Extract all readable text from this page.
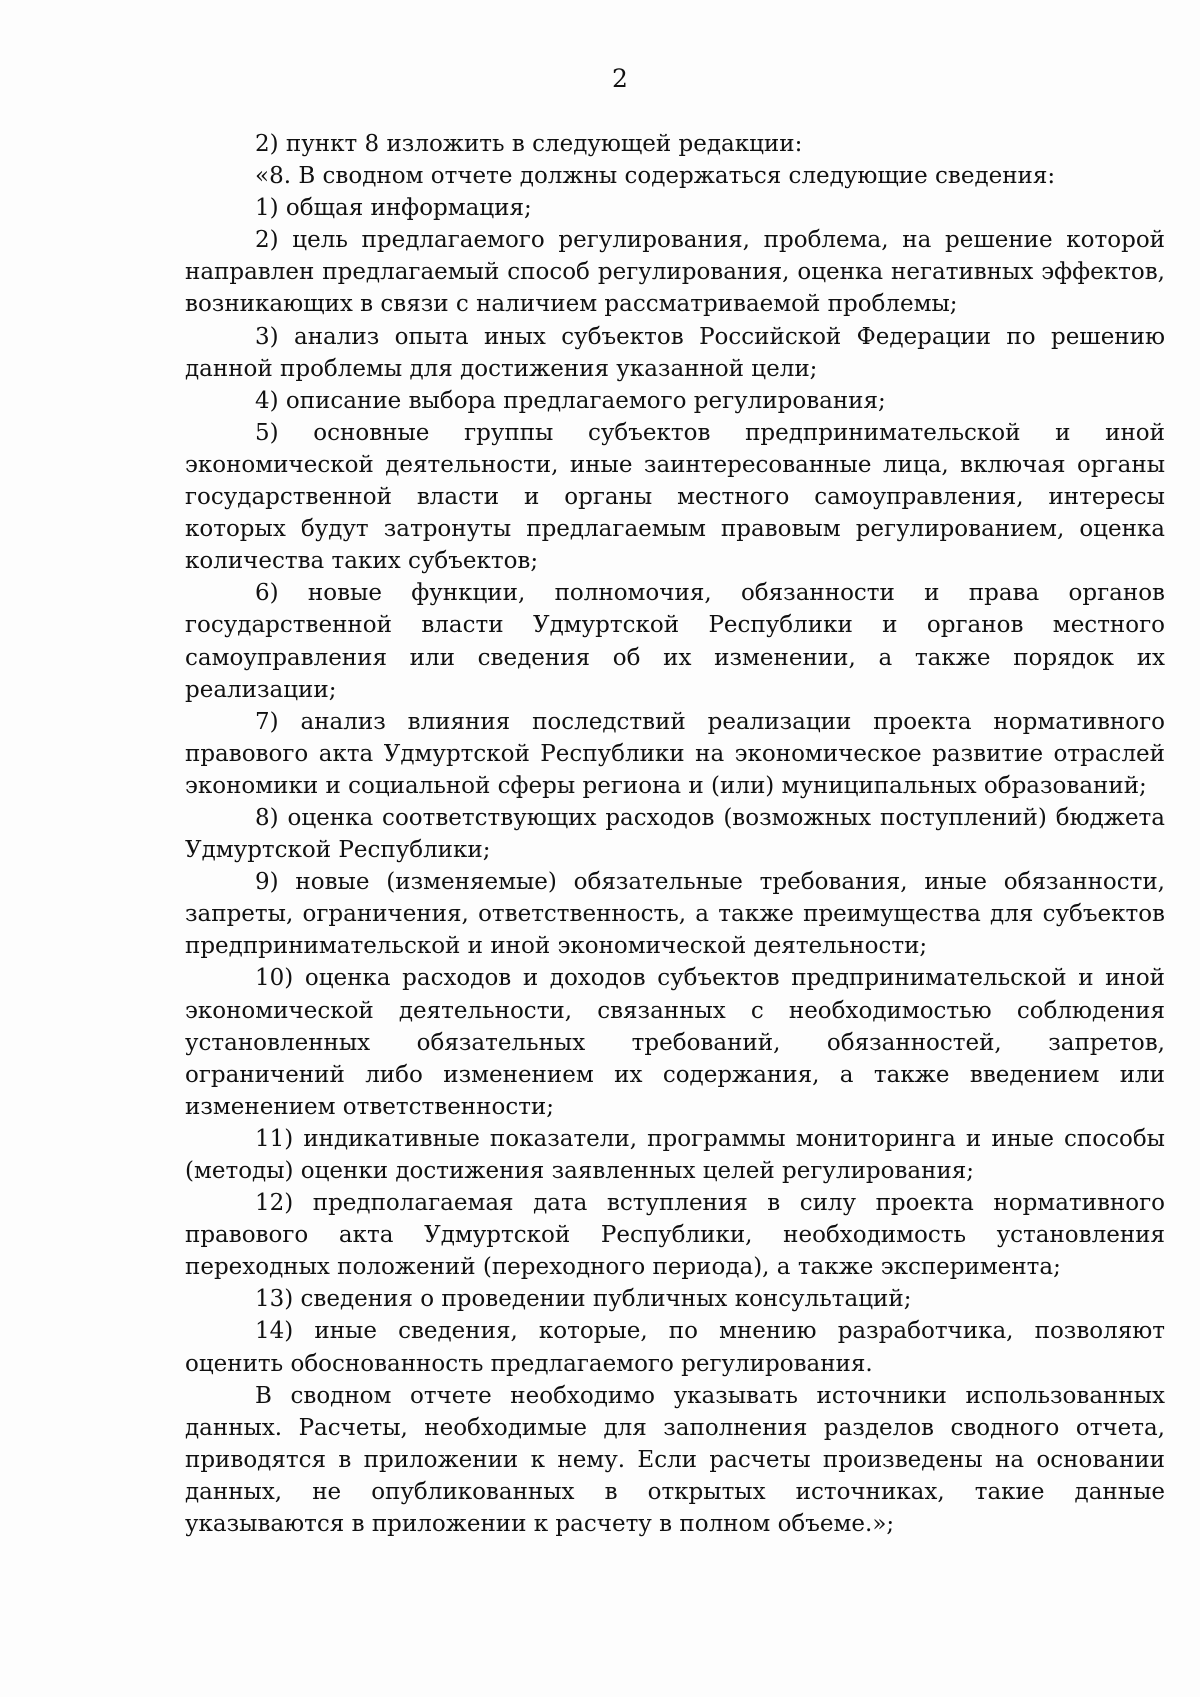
2

2) пункт 8 изложить в следующей редакции:

«8. В сводном отчете должны содержаться следующие сведения:

1) общая информация;

2) цель предлагаемого регулирования, проблема, на решение которой направлен предлагаемый способ регулирования, оценка негативных эффектов, возникающих в связи с наличием рассматриваемой проблемы;

3) анализ опыта иных субъектов Российской Федерации по решению данной проблемы для достижения указанной цели;

4) описание выбора предлагаемого регулирования;

5) основные группы субъектов предпринимательской и иной экономической деятельности, иные заинтересованные лица, включая органы государственной власти и органы местного самоуправления, интересы которых будут затронуты предлагаемым правовым регулированием, оценка количества таких субъектов;

6) новые функции, полномочия, обязанности и права органов государственной власти Удмуртской Республики и органов местного самоуправления или сведения об их изменении, а также порядок их реализации;

7) анализ влияния последствий реализации проекта нормативного правового акта Удмуртской Республики на экономическое развитие отраслей экономики и социальной сферы региона и (или) муниципальных образований;

8) оценка соответствующих расходов (возможных поступлений) бюджета Удмуртской Республики;

9) новые (изменяемые) обязательные требования, иные обязанности, запреты, ограничения, ответственность, а также преимущества для субъектов предпринимательской и иной экономической деятельности;

10) оценка расходов и доходов субъектов предпринимательской и иной экономической деятельности, связанных с необходимостью соблюдения установленных обязательных требований, обязанностей, запретов, ограничений либо изменением их содержания, а также введением или изменением ответственности;

11) индикативные показатели, программы мониторинга и иные способы (методы) оценки достижения заявленных целей регулирования;

12) предполагаемая дата вступления в силу проекта нормативного правового акта Удмуртской Республики, необходимость установления переходных положений (переходного периода), а также эксперимента;

13) сведения о проведении публичных консультаций;

14) иные сведения, которые, по мнению разработчика, позволяют оценить обоснованность предлагаемого регулирования.

В сводном отчете необходимо указывать источники использованных данных. Расчеты, необходимые для заполнения разделов сводного отчета, приводятся в приложении к нему. Если расчеты произведены на основании данных, не опубликованных в открытых источниках, такие данные указываются в приложении к расчету в полном объеме.»;
